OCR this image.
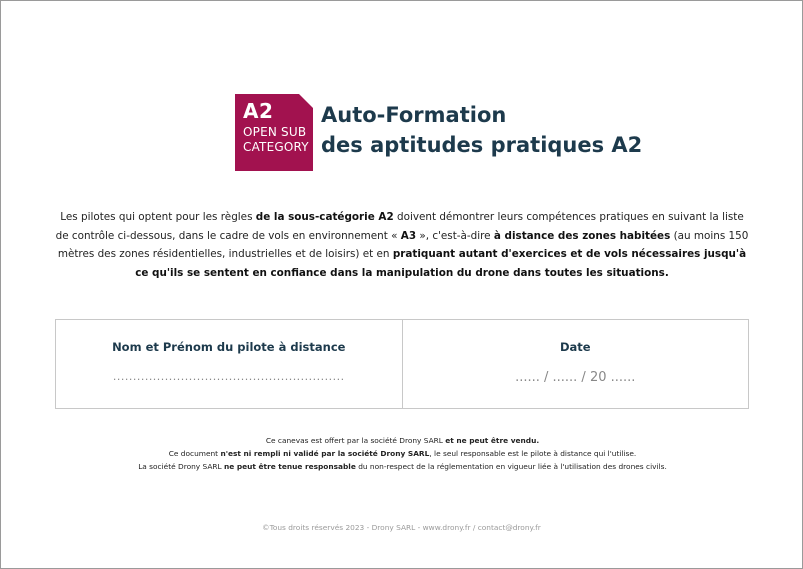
A2
OPEN SUB
CATEGORY
Auto-Formation
des aptitudes pratiques A2

Les pilotes qui optent pour les règles de la sous-catégorie A2 doivent démontrer leurs compétences pratiques en suivant la liste de contrôle ci-dessous, dans le cadre de vols en environnement « A3 », c'est-à-dire à distance des zones habitées (au moins 150 mètres des zones résidentielles, industrielles et de loisirs) et en pratiquant autant d'exercices et de vols nécessaires jusqu'à ce qu'ils se sentent en confiance dans la manipulation du drone dans toutes les situations.

Nom et Prénom du pilote à distance
..........................................................
Date
...... / ...... / 20 ......
Ce canevas est offert par la société Drony SARL et ne peut être vendu.
Ce document n'est ni rempli ni validé par la société Drony SARL, le seul responsable est le pilote à distance qui l'utilise.
La société Drony SARL ne peut être tenue responsable du non-respect de la réglementation en vigueur liée à l'utilisation des drones civils.
©Tous droits réservés 2023 - Drony SARL - www.drony.fr / contact@drony.fr
